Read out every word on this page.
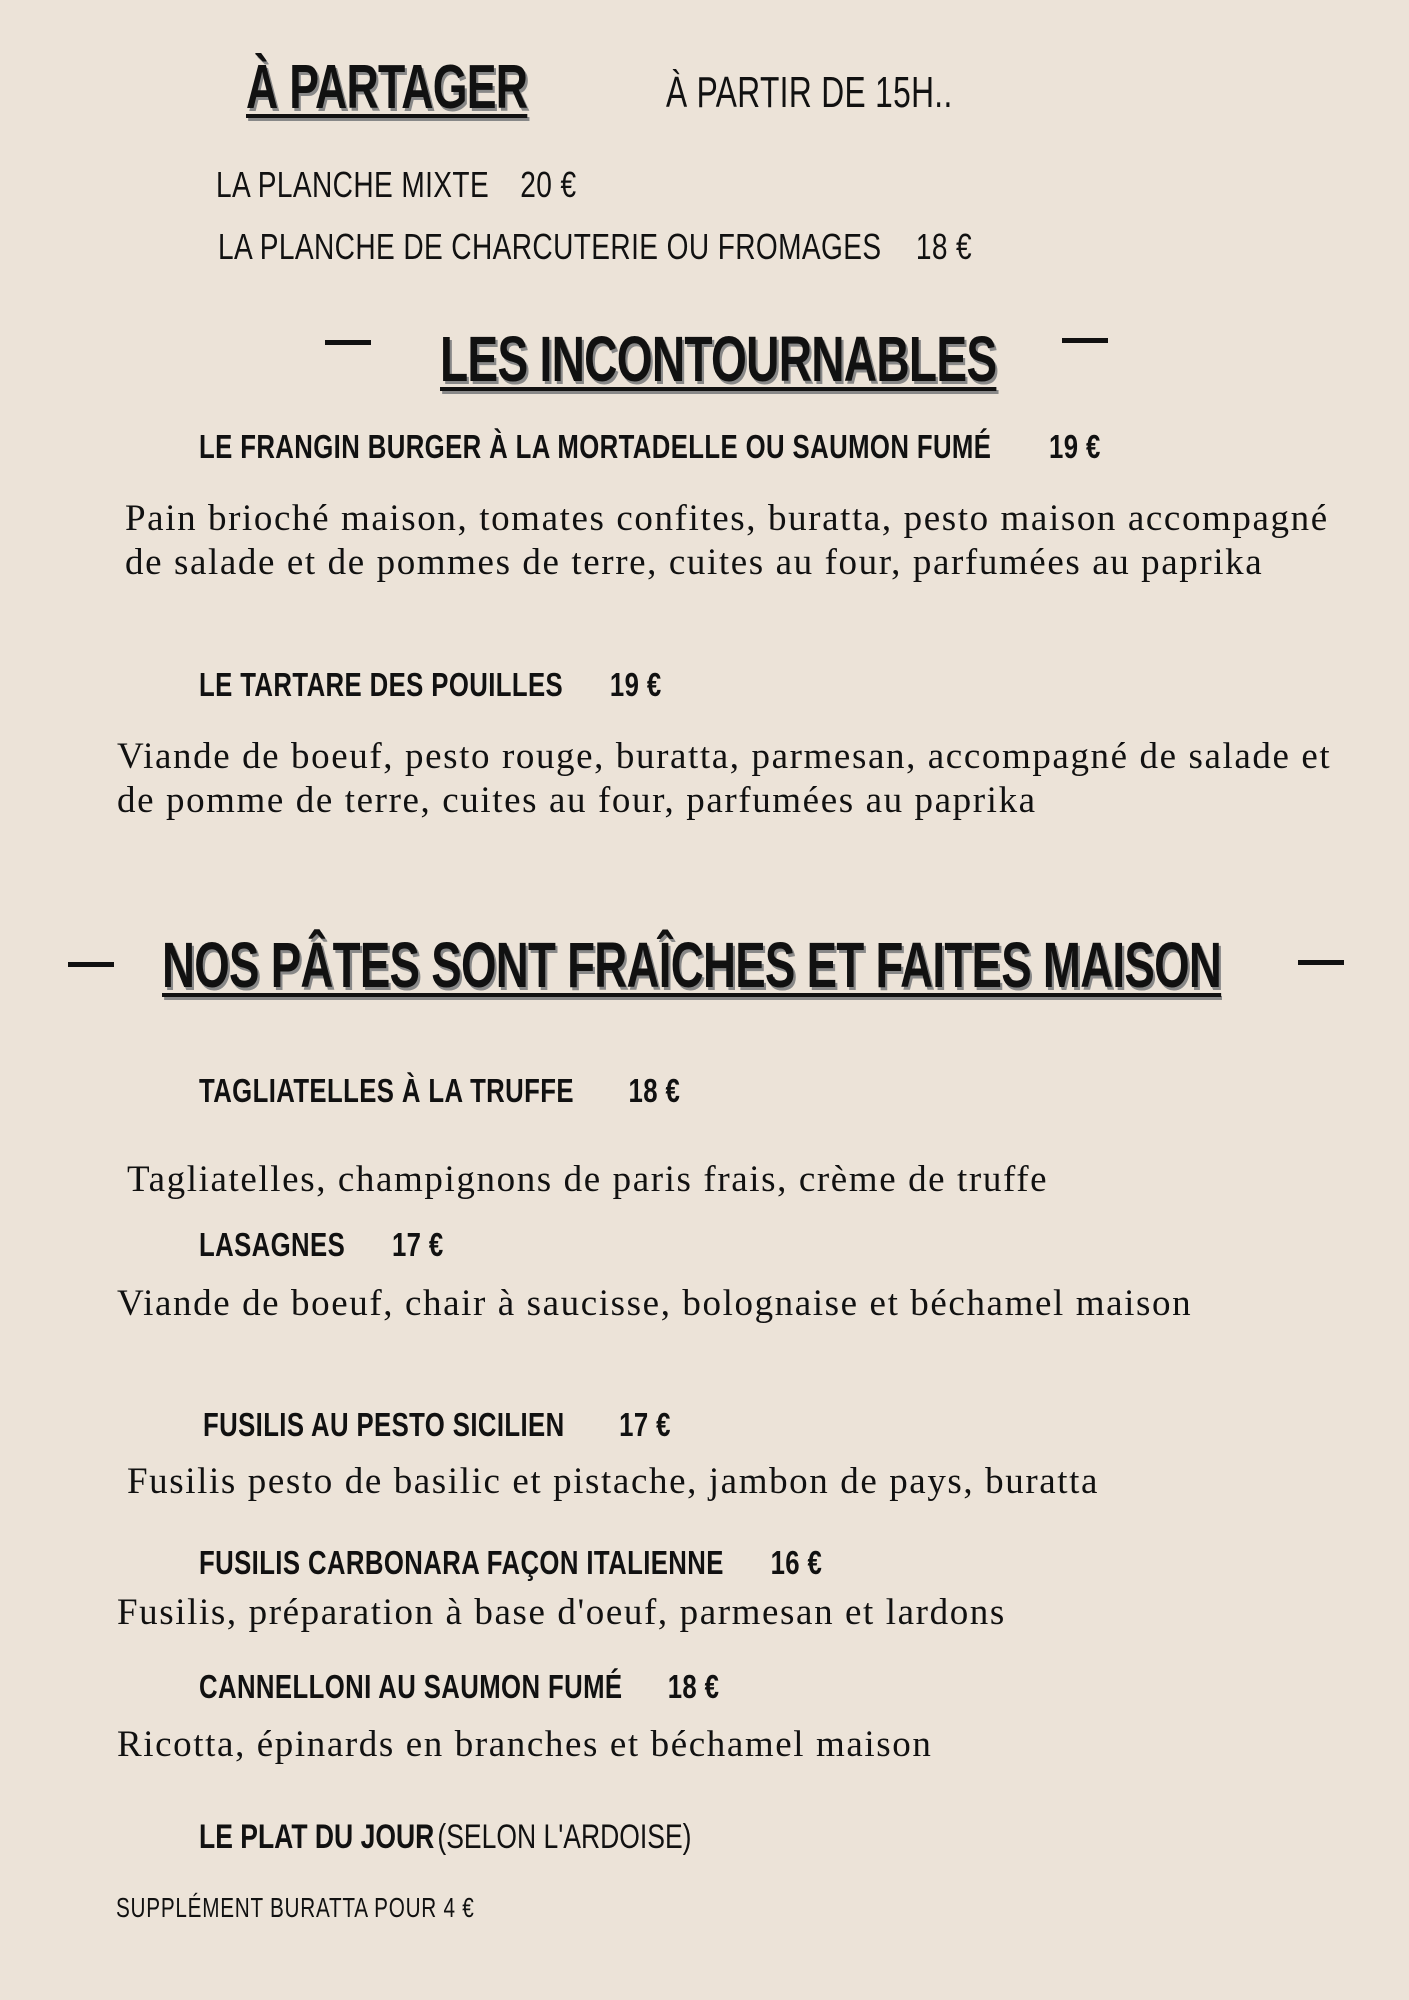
À PARTAGER	À PARTIR DE 15H..
LA PLANCHE MIXTE 20 €
LA PLANCHE DE CHARCUTERIE OU FROMAGES 18 €
LES INCONTOURNABLES
LE FRANGIN BURGER À LA MORTADELLE OU SAUMON FUMÉ 19 €
Pain brioché maison, tomates confites, buratta, pesto maison accompagné de salade et de pommes de terre, cuites au four, parfumées au paprika
LE TARTARE DES POUILLES 19 €
Viande de boeuf, pesto rouge, buratta, parmesan, accompagné de salade et de pomme de terre, cuites au four, parfumées au paprika
NOS PÂTES SONT FRAÎCHES ET FAITES MAISON
TAGLIATELLES À LA TRUFFE 18 €
Tagliatelles, champignons de paris frais, crème de truffe
LASAGNES 17 €
Viande de boeuf, chair à saucisse, bolognaise et béchamel maison
FUSILIS AU PESTO SICILIEN 17 €
Fusilis pesto de basilic et pistache, jambon de pays, buratta
FUSILIS CARBONARA FAÇON ITALIENNE 16 €
Fusilis, préparation à base d'oeuf, parmesan et lardons
CANNELLONI AU SAUMON FUMÉ 18 €
Ricotta, épinards en branches et béchamel maison
LE PLAT DU JOUR (SELON L'ARDOISE)
SUPPLÉMENT BURATTA POUR 4 €
